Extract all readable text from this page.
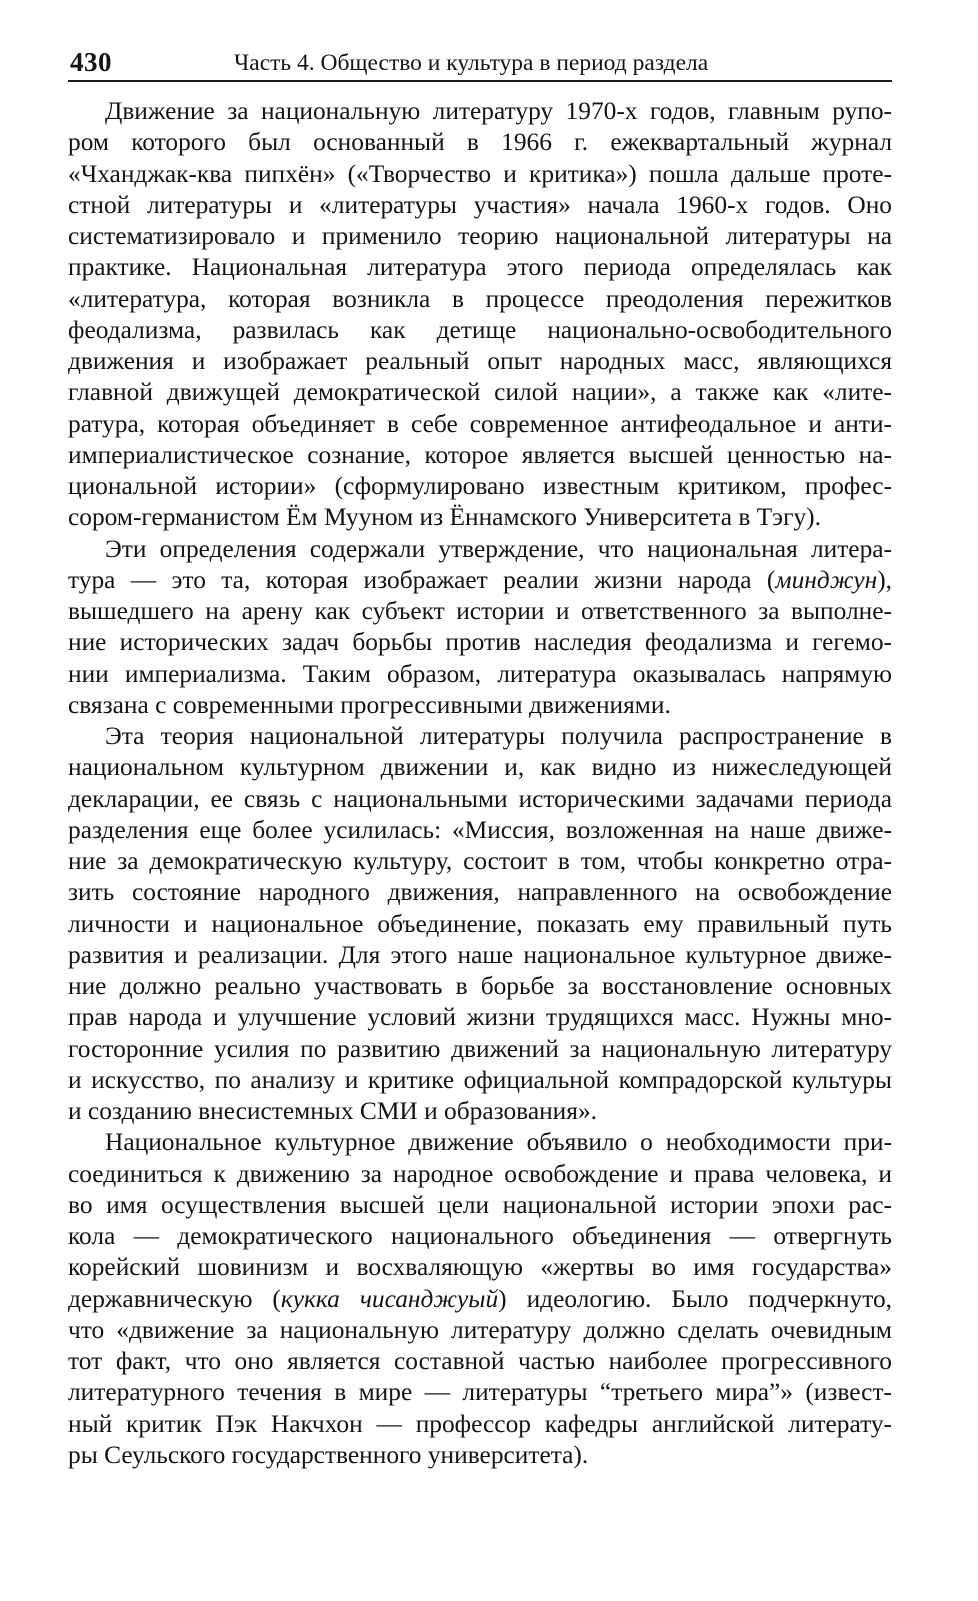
430	Часть 4. Общество и культура в период раздела
Движение за национальную литературу 1970-х годов, главным рупо-
ром которого был основанный в 1966 г. ежеквартальный журнал
«Чханджак-ква пипхён» («Творчество и критика») пошла дальше проте-
стной литературы и «литературы участия» начала 1960-х годов. Оно
систематизировало и применило теорию национальной литературы на
практике. Национальная литература этого периода определялась как
«литература, которая возникла в процессе преодоления пережитков
феодализма, развилась как детище национально-освободительного
движения и изображает реальный опыт народных масс, являющихся
главной движущей демократической силой нации», а также как «лите-
ратура, которая объединяет в себе современное антифеодальное и анти-
империалистическое сознание, которое является высшей ценностью на-
циональной истории» (сформулировано известным критиком, профес-
сором-германистом Ём Мууном из Ённамского Университета в Тэгу).
Эти определения содержали утверждение, что национальная литера-
тура — это та, которая изображает реалии жизни народа (минджун),
вышедшего на арену как субъект истории и ответственного за выполне-
ние исторических задач борьбы против наследия феодализма и гегемо-
нии империализма. Таким образом, литература оказывалась напрямую
связана с современными прогрессивными движениями.
Эта теория национальной литературы получила распространение в
национальном культурном движении и, как видно из нижеследующей
декларации, ее связь с национальными историческими задачами периода
разделения еще более усилилась: «Миссия, возложенная на наше движе-
ние за демократическую культуру, состоит в том, чтобы конкретно отра-
зить состояние народного движения, направленного на освобождение
личности и национальное объединение, показать ему правильный путь
развития и реализации. Для этого наше национальное культурное движе-
ние должно реально участвовать в борьбе за восстановление основных
прав народа и улучшение условий жизни трудящихся масс. Нужны мно-
госторонние усилия по развитию движений за национальную литературу
и искусство, по анализу и критике официальной компрадорской культуры
и созданию внесистемных СМИ и образования».
Национальное культурное движение объявило о необходимости при-
соединиться к движению за народное освобождение и права человека, и
во имя осуществления высшей цели национальной истории эпохи рас-
кола — демократического национального объединения — отвергнуть
корейский шовинизм и восхваляющую «жертвы во имя государства»
державническую (кукка чисанджуый) идеологию. Было подчеркнуто,
что «движение за национальную литературу должно сделать очевидным
тот факт, что оно является составной частью наиболее прогрессивного
литературного течения в мире — литературы “третьего мира”» (извест-
ный критик Пэк Накчхон — профессор кафедры английской литерату-
ры Сеульского государственного университета).
